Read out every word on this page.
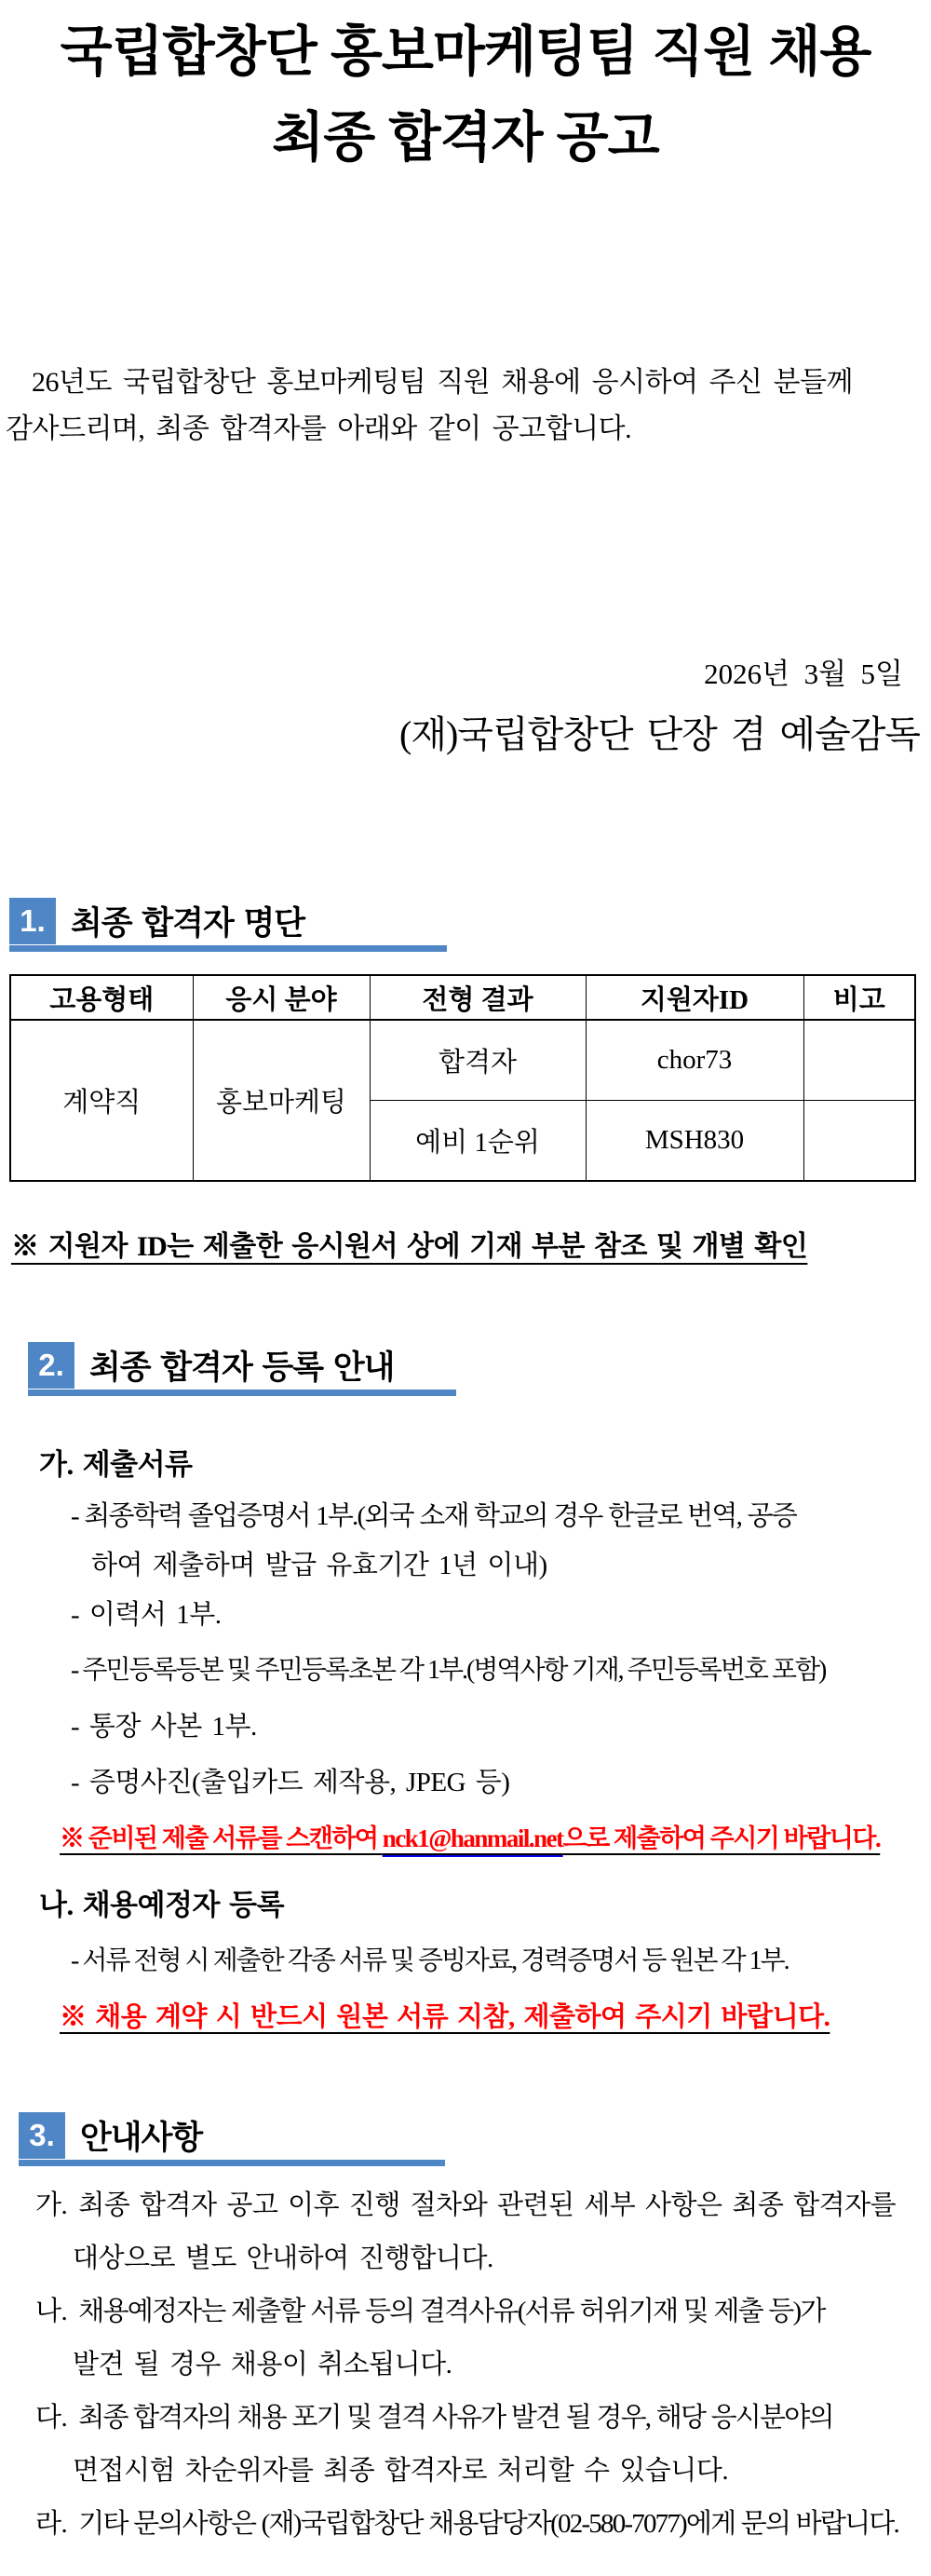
국립합창단 홍보마케팅팀 직원 채용
최종 합격자 공고
26년도 국립합창단 홍보마케팅팀 직원 채용에 응시하여 주신 분들께
감사드리며, 최종 합격자를 아래와 같이 공고합니다.
2026년  3월  5일
(재)국립합창단 단장 겸 예술감독
1. 최종 합격자 명단
고용형태	응시 분야	전형 결과	지원자ID	비고
계약직	홍보마케팅	합격자	chor73	
		예비 1순위	MSH830	
※ 지원자 ID는 제출한 응시원서 상에 기재 부분 참조 및 개별 확인
2. 최종 합격자 등록 안내
가. 제출서류
- 최종학력 졸업증명서 1부.(외국 소재 학교의 경우 한글로 번역, 공증
하여 제출하며 발급 유효기간 1년 이내)
- 이력서 1부.
- 주민등록등본 및 주민등록초본 각 1부.(병역사항 기재, 주민등록번호 포함)
- 통장 사본 1부.
- 증명사진(출입카드 제작용, JPEG 등)
※ 준비된 제출 서류를 스캔하여 nck1@hanmail.net으로 제출하여 주시기 바랍니다.
나. 채용예정자 등록
- 서류 전형 시 제출한 각종 서류 및 증빙자료, 경력증명서 등 원본 각 1부.
※ 채용 계약 시 반드시 원본 서류 지참, 제출하여 주시기 바랍니다.
3. 안내사항
가. 최종 합격자 공고 이후 진행 절차와 관련된 세부 사항은 최종 합격자를
대상으로 별도 안내하여 진행합니다.
나. 채용예정자는 제출할 서류 등의 결격사유(서류 허위기재 및 제출 등)가
발견 될 경우 채용이 취소됩니다.
다. 최종 합격자의 채용 포기 및 결격 사유가 발견 될 경우, 해당 응시분야의
면접시험 차순위자를 최종 합격자로 처리할 수 있습니다.
라. 기타 문의사항은 (재)국립합창단 채용담당자(02-580-7077)에게 문의 바랍니다.
